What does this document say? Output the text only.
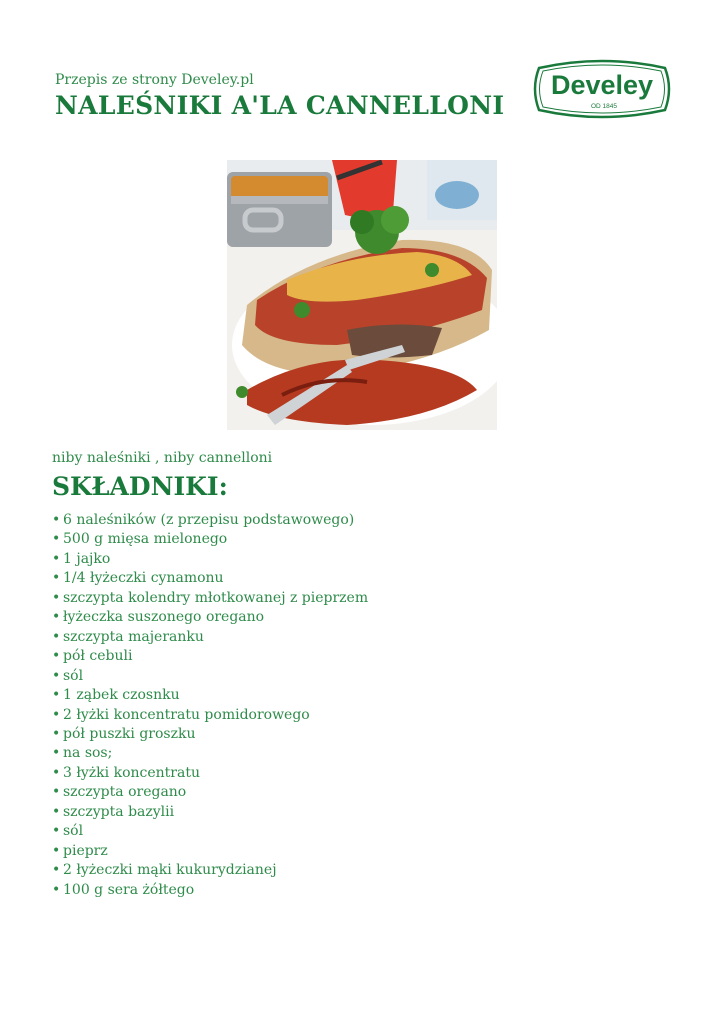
Przepis ze strony Develey.pl
NALEŚNIKI A'LA CANNELLONI
Develey
OD 1845
niby naleśniki , niby cannelloni
SKŁADNIKI:
• 6 naleśników (z przepisu podstawowego)
• 500 g mięsa mielonego
• 1 jajko
• 1/4 łyżeczki cynamonu
• szczypta kolendry młotkowanej z pieprzem
• łyżeczka suszonego oregano
• szczypta majeranku
• pół cebuli
• sól
• 1 ząbek czosnku
• 2 łyżki koncentratu pomidorowego
• pół puszki groszku
• na sos;
• 3 łyżki koncentratu
• szczypta oregano
• szczypta bazylii
• sól
• pieprz
• 2 łyżeczki mąki kukurydzianej
• 100 g sera żółtego
